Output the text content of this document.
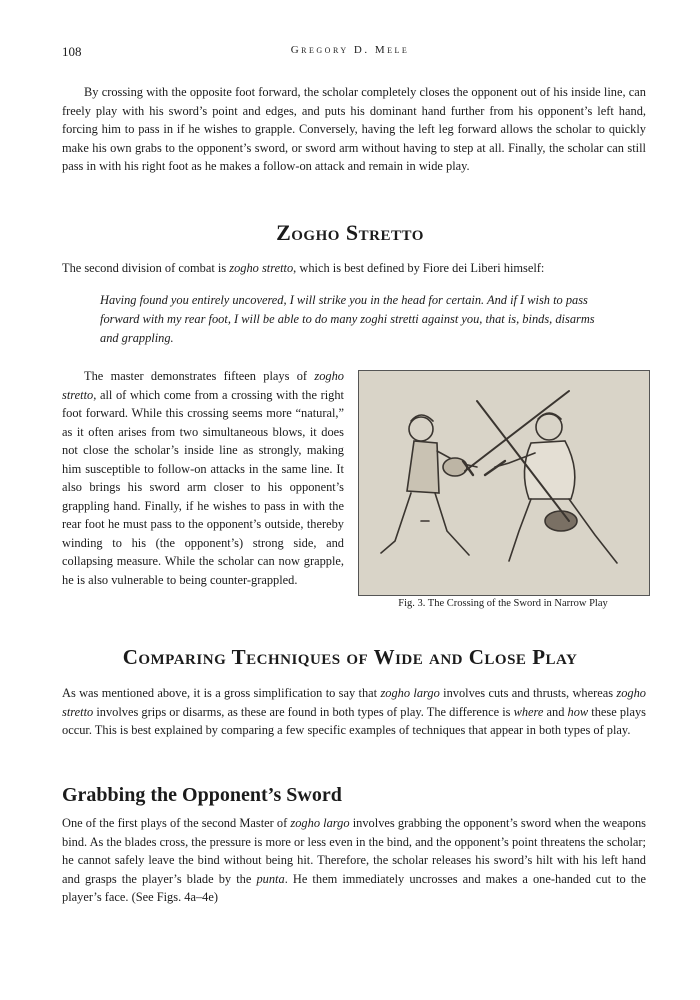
108	Gregory D. Mele

By crossing with the opposite foot forward, the scholar completely closes the opponent out of his inside line, can freely play with his sword’s point and edges, and puts his dominant hand further from his opponent’s left hand, forcing him to pass in if he wishes to grapple. Conversely, having the left leg forward allows the scholar to quickly make his own grabs to the opponent’s sword, or sword arm without having to step at all. Finally, the scholar can still pass in with his right foot as he makes a follow-on attack and remain in wide play.

Zogho Stretto

The second division of combat is zogho stretto, which is best defined by Fiore dei Liberi himself:

Having found you entirely uncovered, I will strike you in the head for certain. And if I wish to pass forward with my rear foot, I will be able to do many zoghi stretti against you, that is, binds, disarms and grappling.

The master demonstrates fifteen plays of zogho stretto, all of which come from a crossing with the right foot forward. While this crossing seems more “natural,” as it often arises from two simultaneous blows, it does not close the scholar’s inside line as strongly, making him susceptible to follow-on attacks in the same line. It also brings his sword arm closer to his opponent’s grappling hand. Finally, if he wishes to pass in with the rear foot he must pass to the opponent’s outside, thereby winding to his (the opponent’s) strong side, and collapsing measure. While the scholar can now grapple, he is also vulnerable to being counter-grappled.

Fig. 3. The Crossing of the Sword in Narrow Play
Comparing Techniques of Wide and Close Play

As was mentioned above, it is a gross simplification to say that zogho largo involves cuts and thrusts, whereas zogho stretto involves grips or disarms, as these are found in both types of play. The difference is where and how these plays occur. This is best explained by comparing a few specific examples of techniques that appear in both types of play.

Grabbing the Opponent’s Sword

One of the first plays of the second Master of zogho largo involves grabbing the opponent’s sword when the weapons bind. As the blades cross, the pressure is more or less even in the bind, and the opponent’s point threatens the scholar; he cannot safely leave the bind without being hit. Therefore, the scholar releases his sword’s hilt with his left hand and grasps the player’s blade by the punta. He them immediately uncrosses and makes a one-handed cut to the player’s face. (See Figs. 4a–4e)
